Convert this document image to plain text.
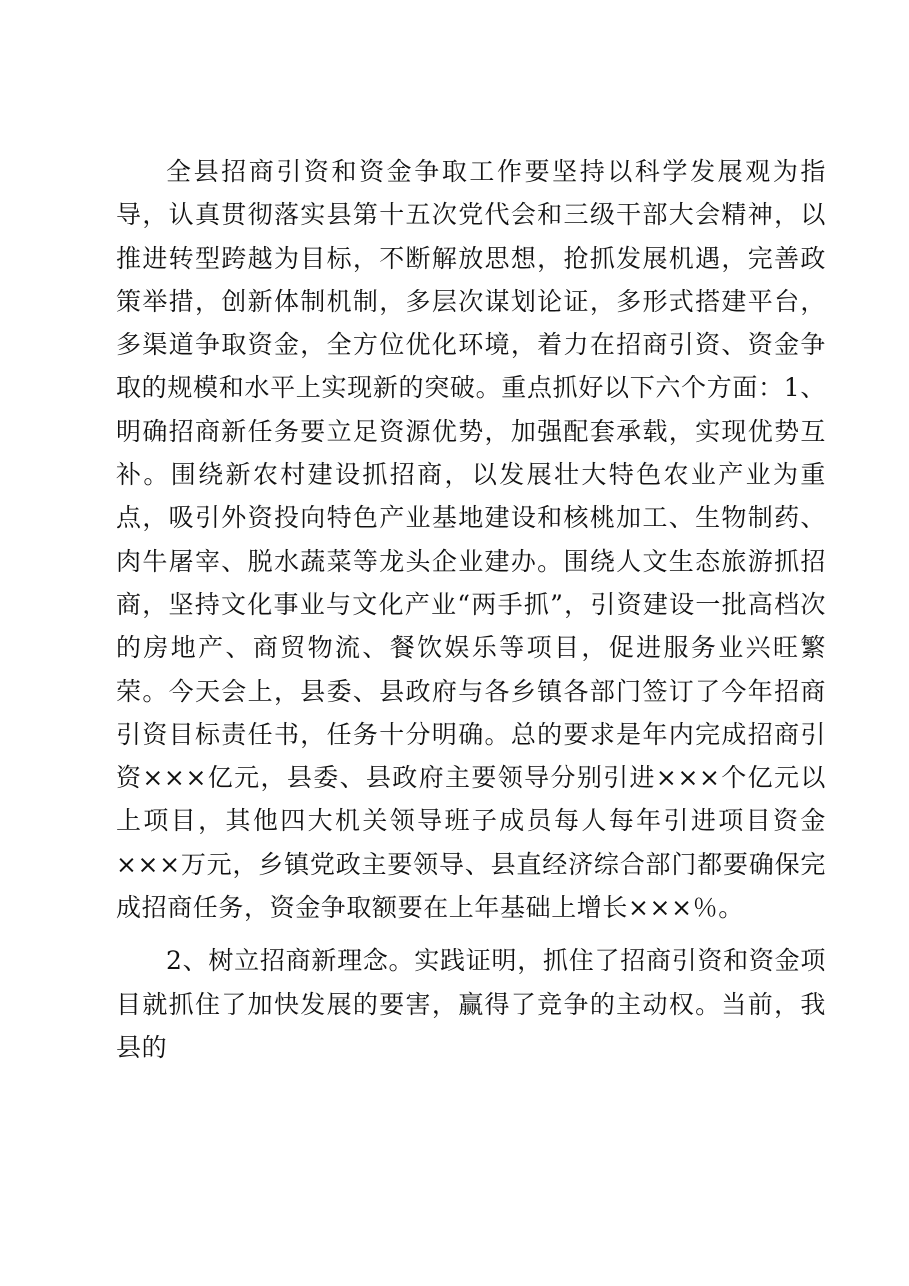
全县招商引资和资金争取工作要坚持以科学发展观为指导，认真贯彻落实县第十五次党代会和三级干部大会精神，以推进转型跨越为目标，不断解放思想，抢抓发展机遇，完善政策举措，创新体制机制，多层次谋划论证，多形式搭建平台，多渠道争取资金，全方位优化环境，着力在招商引资、资金争取的规模和水平上实现新的突破。重点抓好以下六个方面：1、明确招商新任务要立足资源优势，加强配套承载，实现优势互补。围绕新农村建设抓招商，以发展壮大特色农业产业为重点，吸引外资投向特色产业基地建设和核桃加工、生物制药、肉牛屠宰、脱水蔬菜等龙头企业建办。围绕人文生态旅游抓招商，坚持文化事业与文化产业“两手抓”，引资建设一批高档次的房地产、商贸物流、餐饮娱乐等项目，促进服务业兴旺繁荣。今天会上，县委、县政府与各乡镇各部门签订了今年招商引资目标责任书，任务十分明确。总的要求是年内完成招商引资×××亿元，县委、县政府主要领导分别引进×××个亿元以上项目，其他四大机关领导班子成员每人每年引进项目资金×××万元，乡镇党政主要领导、县直经济综合部门都要确保完成招商任务，资金争取额要在上年基础上增长×××％。

2、树立招商新理念。实践证明，抓住了招商引资和资金项目就抓住了加快发展的要害，赢得了竞争的主动权。当前，我县的
